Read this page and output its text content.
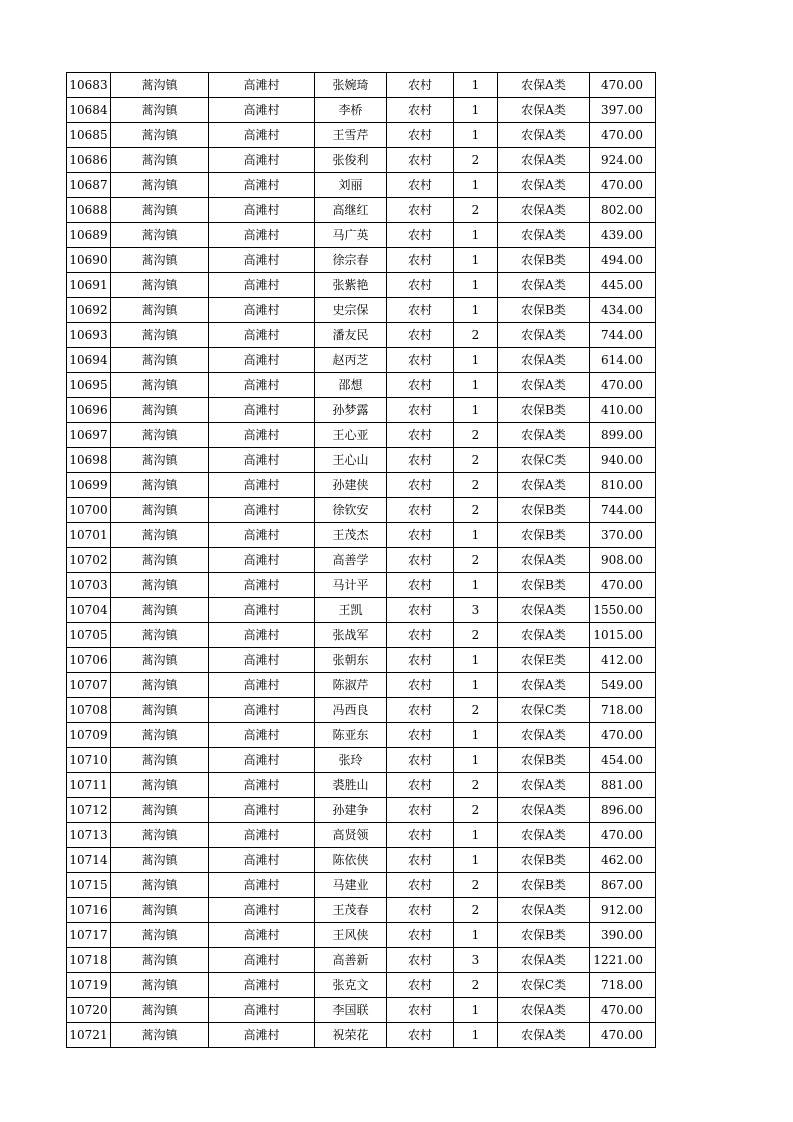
10683	蒿沟镇	高滩村	张婉琦	农村	1	农保A类	470.00
10684	蒿沟镇	高滩村	李桥	农村	1	农保A类	397.00
10685	蒿沟镇	高滩村	王雪芹	农村	1	农保A类	470.00
10686	蒿沟镇	高滩村	张俊利	农村	2	农保A类	924.00
10687	蒿沟镇	高滩村	刘丽	农村	1	农保A类	470.00
10688	蒿沟镇	高滩村	高继红	农村	2	农保A类	802.00
10689	蒿沟镇	高滩村	马广英	农村	1	农保A类	439.00
10690	蒿沟镇	高滩村	徐宗春	农村	1	农保B类	494.00
10691	蒿沟镇	高滩村	张紫艳	农村	1	农保A类	445.00
10692	蒿沟镇	高滩村	史宗保	农村	1	农保B类	434.00
10693	蒿沟镇	高滩村	潘友民	农村	2	农保A类	744.00
10694	蒿沟镇	高滩村	赵丙芝	农村	1	农保A类	614.00
10695	蒿沟镇	高滩村	邵想	农村	1	农保A类	470.00
10696	蒿沟镇	高滩村	孙梦露	农村	1	农保B类	410.00
10697	蒿沟镇	高滩村	王心亚	农村	2	农保A类	899.00
10698	蒿沟镇	高滩村	王心山	农村	2	农保C类	940.00
10699	蒿沟镇	高滩村	孙建侠	农村	2	农保A类	810.00
10700	蒿沟镇	高滩村	徐钦安	农村	2	农保B类	744.00
10701	蒿沟镇	高滩村	王茂杰	农村	1	农保B类	370.00
10702	蒿沟镇	高滩村	高善学	农村	2	农保A类	908.00
10703	蒿沟镇	高滩村	马计平	农村	1	农保B类	470.00
10704	蒿沟镇	高滩村	王凯	农村	3	农保A类	1550.00
10705	蒿沟镇	高滩村	张战军	农村	2	农保A类	1015.00
10706	蒿沟镇	高滩村	张朝东	农村	1	农保E类	412.00
10707	蒿沟镇	高滩村	陈淑芹	农村	1	农保A类	549.00
10708	蒿沟镇	高滩村	冯西良	农村	2	农保C类	718.00
10709	蒿沟镇	高滩村	陈亚东	农村	1	农保A类	470.00
10710	蒿沟镇	高滩村	张玲	农村	1	农保B类	454.00
10711	蒿沟镇	高滩村	裘胜山	农村	2	农保A类	881.00
10712	蒿沟镇	高滩村	孙建争	农村	2	农保A类	896.00
10713	蒿沟镇	高滩村	高贤领	农村	1	农保A类	470.00
10714	蒿沟镇	高滩村	陈依侠	农村	1	农保B类	462.00
10715	蒿沟镇	高滩村	马建业	农村	2	农保B类	867.00
10716	蒿沟镇	高滩村	王茂春	农村	2	农保A类	912.00
10717	蒿沟镇	高滩村	王风侠	农村	1	农保B类	390.00
10718	蒿沟镇	高滩村	高善新	农村	3	农保A类	1221.00
10719	蒿沟镇	高滩村	张克文	农村	2	农保C类	718.00
10720	蒿沟镇	高滩村	李国联	农村	1	农保A类	470.00
10721	蒿沟镇	高滩村	祝荣花	农村	1	农保A类	470.00
